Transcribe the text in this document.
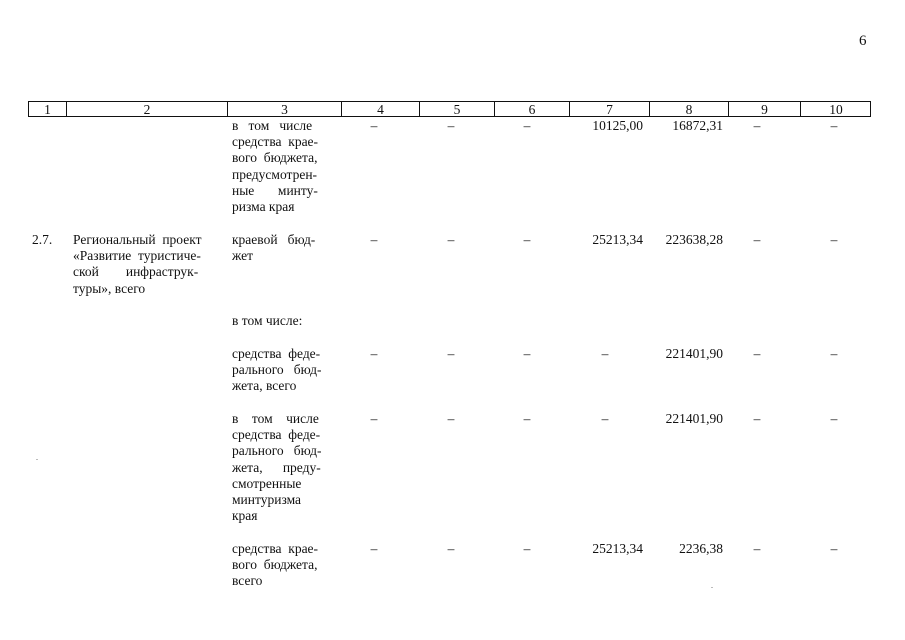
6
1	2	3	4	5	6	7	8	9	10
в   том   числе
средства  крае-
вого  бюджета,
предусмотрен-
ные       минту-
ризма края
–	–	–	10125,00 16872,31 –	–
2.7. Региональный  проект
«Развитие  туристиче-
ской        инфраструк-
туры», всего
краевой   бюд-
жет
–	–	–	25213,34 223638,28 –	–
в том числе:
средства  феде-
рального   бюд-
жета, всего
–	–	–	–	221401,90 –	–
в    том    числе
средства  феде-
рального   бюд-
жета,      преду-
смотренные
минтуризма
края
–	–	–	–	221401,90 –	–
средства  крае-
вого  бюджета,
всего
–	–	–	25213,34	2236,38 –	–
